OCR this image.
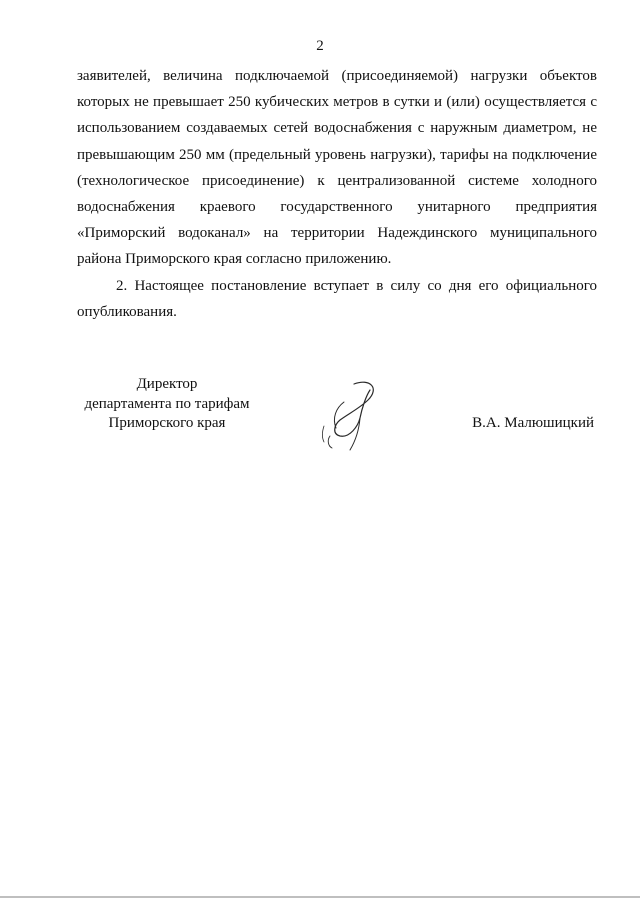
2

заявителей, величина подключаемой (присоединяемой) нагрузки объектов которых не превышает 250 кубических метров в сутки и (или) осуществляется с использованием создаваемых сетей водоснабжения с наружным диаметром, не превышающим 250 мм (предельный уровень нагрузки), тарифы на подключение (технологическое присоединение) к централизованной системе холодного водоснабжения краевого государственного унитарного предприятия «Приморский водоканал» на территории Надеждинского муниципального района Приморского края согласно приложению.

2. Настоящее постановление вступает в силу со дня его официального опубликования.

Директор
департамента по тарифам
Приморского края	В.А. Малюшицкий
